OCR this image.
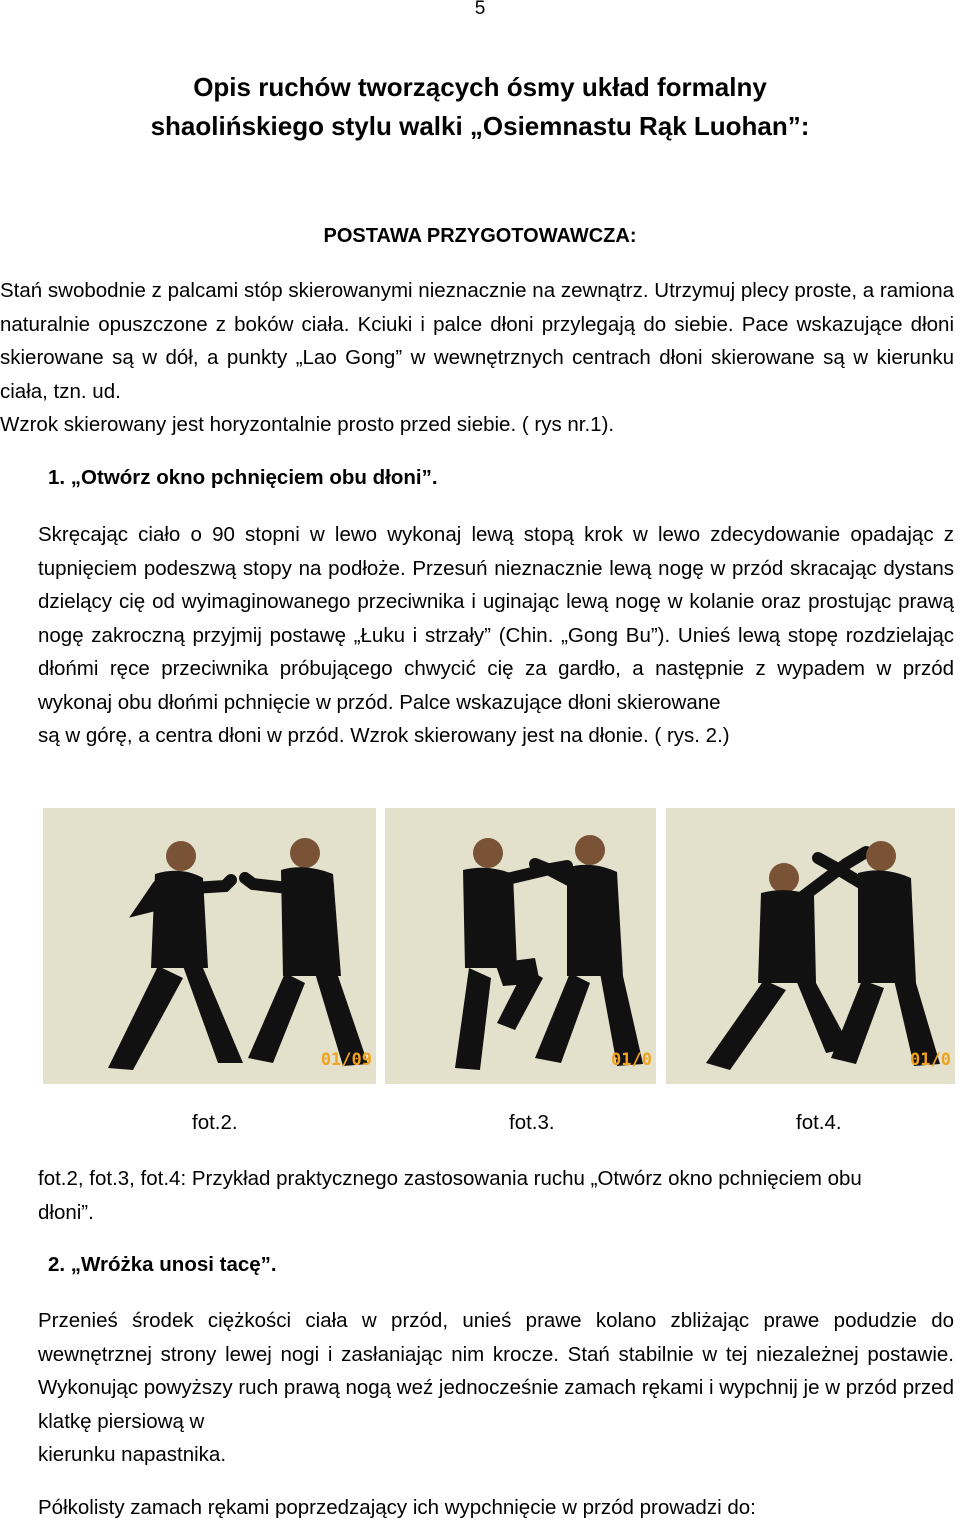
5
Opis ruchów tworzących ósmy układ formalny
shaolińskiego stylu walki „Osiemnastu Rąk Luohan”:
POSTAWA PRZYGOTOWAWCZA:
Stań swobodnie z palcami stóp skierowanymi nieznacznie na zewnątrz. Utrzymuj plecy proste, a ramiona naturalnie opuszczone z boków ciała. Kciuki i palce dłoni przylegają do siebie. Pace wskazujące dłoni skierowane są w dół, a punkty „Lao Gong” w wewnętrznych centrach dłoni skierowane są w kierunku ciała, tzn. ud.
Wzrok skierowany jest horyzontalnie prosto przed siebie. ( rys nr.1).
1. „Otwórz okno pchnięciem obu dłoni”.
Skręcając ciało o 90 stopni w lewo wykonaj lewą stopą krok w lewo zdecydowanie opadając z tupnięciem podeszwą stopy na podłoże. Przesuń nieznacznie lewą nogę w przód skracając dystans dzielący cię od wyimaginowanego przeciwnika i uginając lewą nogę w kolanie oraz prostując prawą nogę zakroczną przyjmij postawę „Łuku i strzały” (Chin. „Gong Bu”). Unieś lewą stopę rozdzielając dłońmi ręce przeciwnika próbującego chwycić cię za gardło, a następnie z wypadem w przód wykonaj obu dłońmi pchnięcie w przód. Palce wskazujące dłoni skierowane
są w górę, a centra dłoni w przód. Wzrok skierowany jest na dłonie. ( rys. 2.)
01/09	01/0	01/0
fot.2.	fot.3.	fot.4.
fot.2, fot.3, fot.4: Przykład praktycznego zastosowania ruchu „Otwórz okno pchnięciem obu dłoni”.
2. „Wróżka unosi tacę”.
Przenieś środek ciężkości ciała w przód, unieś prawe kolano zbliżając prawe podudzie do wewnętrznej strony lewej nogi i zasłaniając nim krocze. Stań stabilnie w tej niezależnej postawie. Wykonując powyższy ruch prawą nogą weź jednocześnie zamach rękami i wypchnij je w przód przed klatkę piersiową w
kierunku napastnika.
Półkolisty zamach rękami poprzedzający ich wypchnięcie w przód prowadzi do:
